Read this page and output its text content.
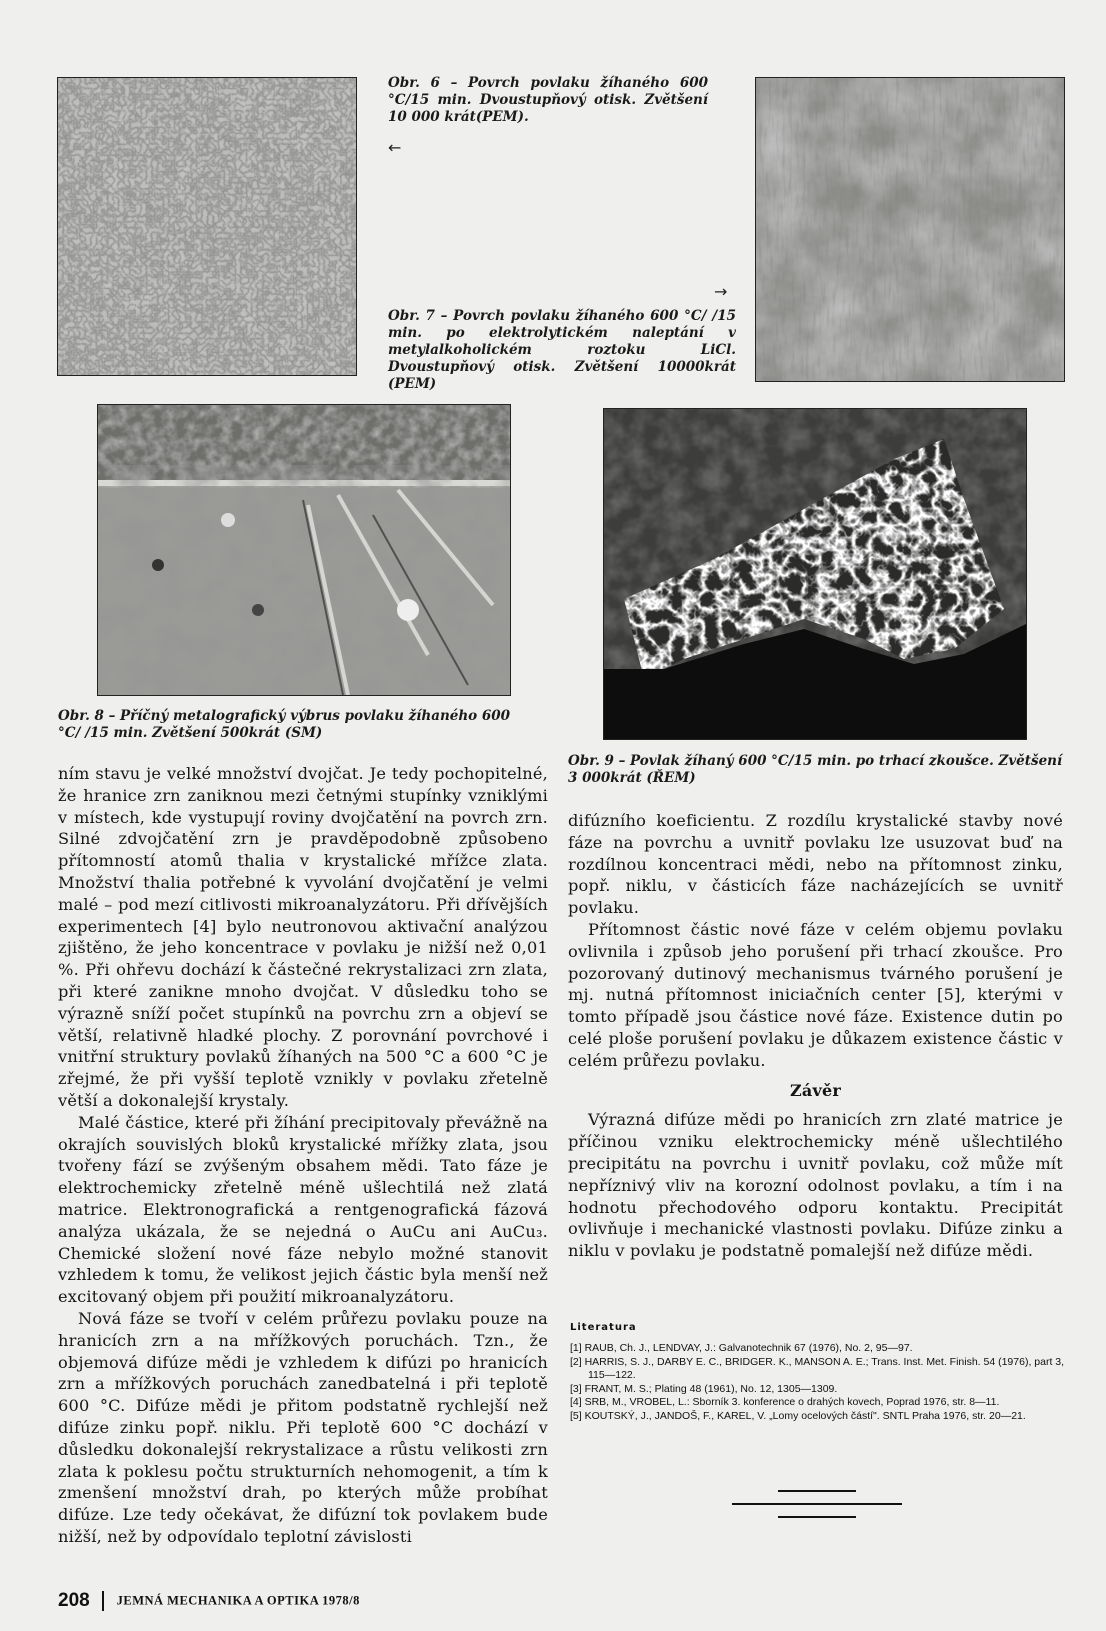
Obr. 6 – Povrch povlaku žíhaného 600 °C/15 min. Dvoustupňový otisk. Zvětšení 10 000 krát(PEM).
←
→
Obr. 7 – Povrch povlaku žíhaného 600 °C/ /15 min. po elektrolytickém naleptání v metylalkoholickém roztoku LiCl. Dvoustupňový otisk. Zvětšení 10000krát (PEM)
Obr. 8 – Příčný metalografický výbrus povlaku žíhaného 600 °C/ /15 min. Zvětšení 500krát (SM)
Obr. 9 – Povlak žíhaný 600 °C/15 min. po trhací zkoušce. Zvětšení 3 000krát (ŘEM)

ním stavu je velké množství dvojčat. Je tedy pochopitelné, že hranice zrn zaniknou mezi četnými stupínky vzniklými v místech, kde vystupují roviny dvojčatění na povrch zrn. Silné zdvojčatění zrn je pravděpodobně způsobeno přítomností atomů thalia v krystalické mřížce zlata. Množství thalia potřebné k vyvolání dvojčatění je velmi malé – pod mezí citlivosti mikroanalyzátoru. Při dřívějších experimentech [4] bylo neutronovou aktivační analýzou zjištěno, že jeho koncentrace v povlaku je nižší než 0,01 %. Při ohřevu dochází k částečné rekrystalizaci zrn zlata, při které zanikne mnoho dvojčat. V důsledku toho se výrazně sníží počet stupínků na povrchu zrn a objeví se větší, relativně hladké plochy. Z porovnání povrchové i vnitřní struktury povlaků žíhaných na 500 °C a 600 °C je zřejmé, že při vyšší teplotě vznikly v povlaku zřetelně větší a dokonalejší krystaly.

Malé částice, které při žíhání precipitovaly převážně na okrajích souvislých bloků krystalické mřížky zlata, jsou tvořeny fází se zvýšeným obsahem mědi. Tato fáze je elektrochemicky zřetelně méně ušlechtilá než zlatá matrice. Elektronografická a rentgenografická fázová analýza ukázala, že se nejedná o AuCu ani AuCu₃. Chemické složení nové fáze nebylo možné stanovit vzhledem k tomu, že velikost jejich částic byla menší než excitovaný objem při použití mikroanalyzátoru.

Nová fáze se tvoří v celém průřezu povlaku pouze na hranicích zrn a na mřížkových poruchách. Tzn., že objemová difúze mědi je vzhledem k difúzi po hranicích zrn a mřížkových poruchách zanedbatelná i při teplotě 600 °C. Difúze mědi je přitom podstatně rychlejší než difúze zinku popř. niklu. Při teplotě 600 °C dochází v důsledku dokonalejší rekrystalizace a růstu velikosti zrn zlata k poklesu počtu strukturních nehomogenit, a tím k zmenšení množství drah, po kterých může probíhat difúze. Lze tedy očekávat, že difúzní tok povlakem bude nižší, než by odpovídalo teplotní závislosti

difúzního koeficientu. Z rozdílu krystalické stavby nové fáze na povrchu a uvnitř povlaku lze usuzovat buď na rozdílnou koncentraci mědi, nebo na přítomnost zinku, popř. niklu, v částicích fáze nacházejících se uvnitř povlaku.

Přítomnost částic nové fáze v celém objemu povlaku ovlivnila i způsob jeho porušení při trhací zkoušce. Pro pozorovaný dutinový mechanismus tvárného porušení je mj. nutná přítomnost iniciačních center [5], kterými v tomto případě jsou částice nové fáze. Existence dutin po celé ploše porušení povlaku je důkazem existence částic v celém průřezu povlaku.

Závěr

Výrazná difúze mědi po hranicích zrn zlaté matrice je příčinou vzniku elektrochemicky méně ušlechtilého precipitátu na povrchu i uvnitř povlaku, což může mít nepříznivý vliv na korozní odolnost povlaku, a tím i na hodnotu přechodového odporu kontaktu. Precipitát ovlivňuje i mechanické vlastnosti povlaku. Difúze zinku a niklu v povlaku je podstatně pomalejší než difúze mědi.

Literatura
[1] RAUB, Ch. J., LENDVAY, J.: Galvanotechnik 67 (1976), No. 2, 95—97.
[2] HARRIS, S. J., DARBY E. C., BRIDGER. K., MANSON A. E.; Trans. Inst. Met. Finish. 54 (1976), part 3, 115—122.
[3] FRANT, M. S.; Plating 48 (1961), No. 12, 1305—1309.
[4] SRB, M., VROBEL, L.: Sborník 3. konference o drahých kovech, Poprad 1976, str. 8—11.
[5] KOUTSKÝ, J., JANDOŠ, F., KAREL, V. „Lomy ocelových částí". SNTL Praha 1976, str. 20—21.
208 JEMNÁ MECHANIKA A OPTIKA 1978/8
